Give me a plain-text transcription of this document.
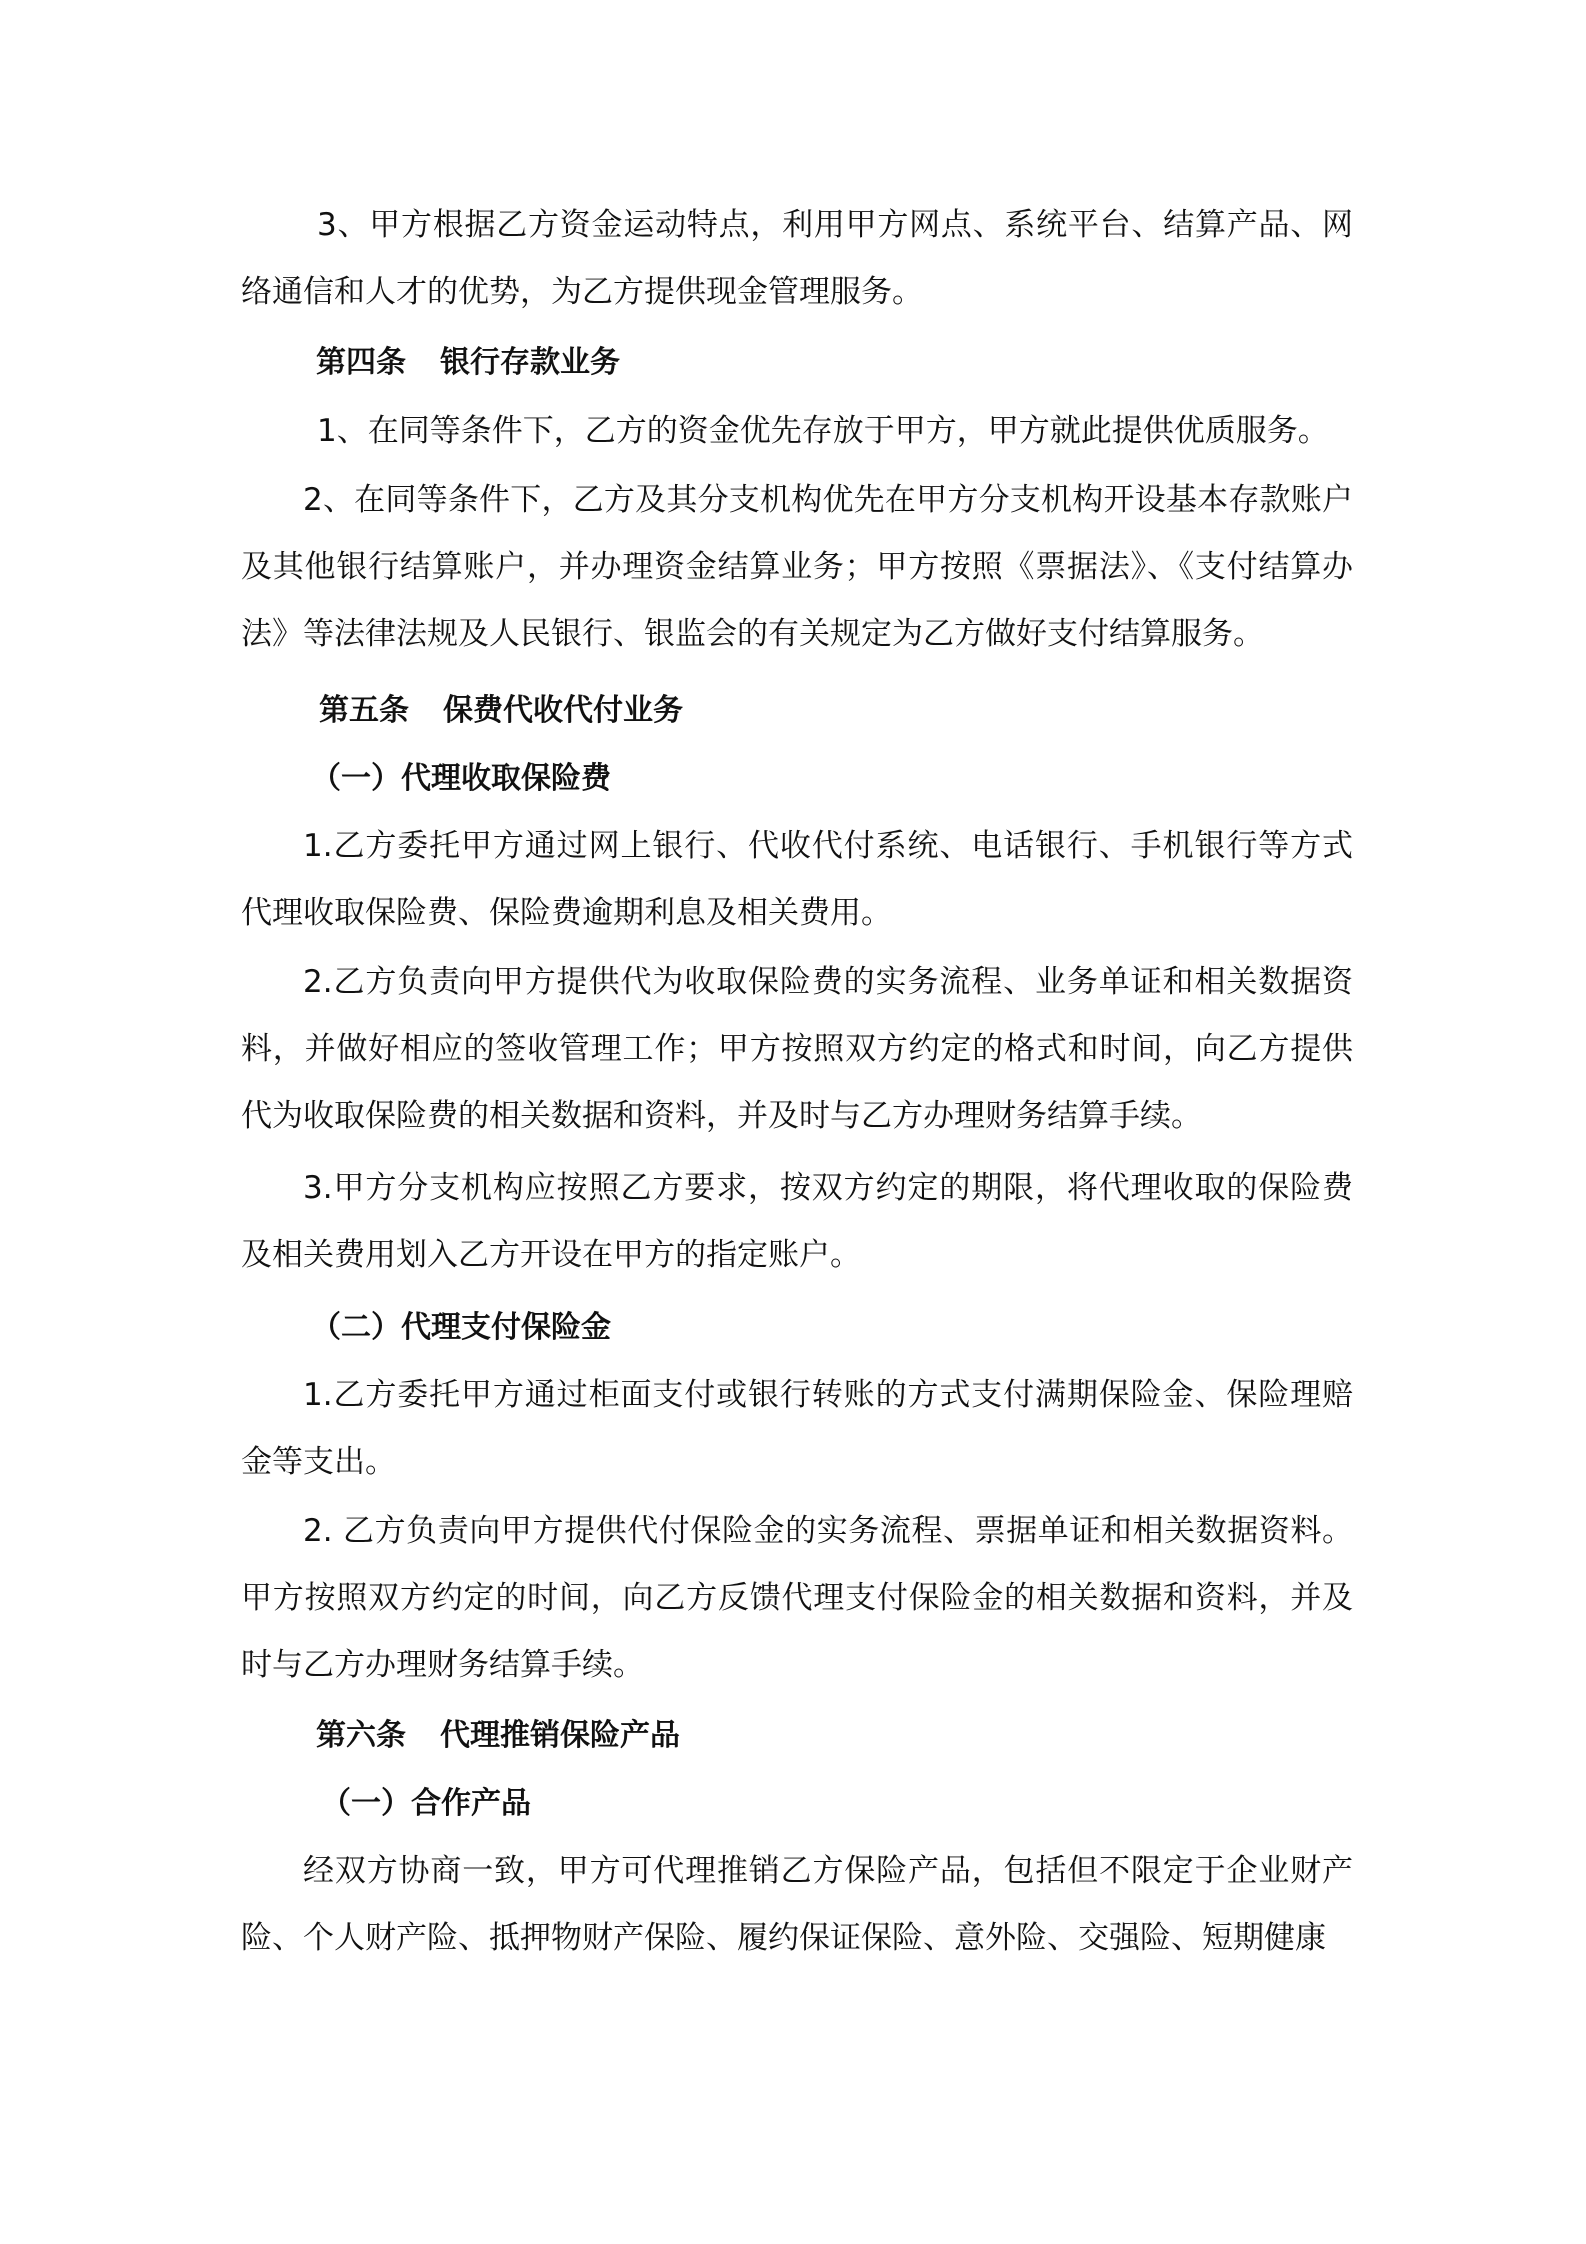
3、甲方根据乙方资金运动特点，利用甲方网点、系统平台、结算产品、网络通信和人才的优势，为乙方提供现金管理服务。

第四条 银行存款业务

1、在同等条件下，乙方的资金优先存放于甲方，甲方就此提供优质服务。

2、在同等条件下，乙方及其分支机构优先在甲方分支机构开设基本存款账户及其他银行结算账户，并办理资金结算业务；甲方按照《票据法》、《支付结算办法》等法律法规及人民银行、银监会的有关规定为乙方做好支付结算服务。

第五条 保费代收代付业务
（一）代理收取保险费

1.乙方委托甲方通过网上银行、代收代付系统、电话银行、手机银行等方式代理收取保险费、保险费逾期利息及相关费用。

2.乙方负责向甲方提供代为收取保险费的实务流程、业务单证和相关数据资料，并做好相应的签收管理工作；甲方按照双方约定的格式和时间，向乙方提供代为收取保险费的相关数据和资料，并及时与乙方办理财务结算手续。

3.甲方分支机构应按照乙方要求，按双方约定的期限，将代理收取的保险费及相关费用划入乙方开设在甲方的指定账户。

（二）代理支付保险金

1.乙方委托甲方通过柜面支付或银行转账的方式支付满期保险金、保险理赔金等支出。

2. 乙方负责向甲方提供代付保险金的实务流程、票据单证和相关数据资料。甲方按照双方约定的时间，向乙方反馈代理支付保险金的相关数据和资料，并及时与乙方办理财务结算手续。

第六条 代理推销保险产品
（一）合作产品

经双方协商一致，甲方可代理推销乙方保险产品，包括但不限定于企业财产险、个人财产险、抵押物财产保险、履约保证保险、意外险、交强险、短期健康
